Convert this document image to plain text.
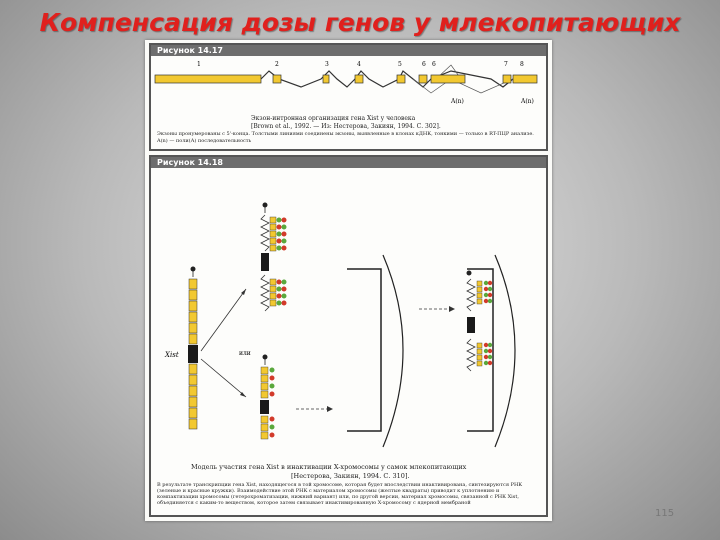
Компенсация дозы генов у млекопитающих
Рисунок 14.17
1	2	3	4	5	6 6	7 8
A(n)	A(n)
Экзон-интронная организация гена Xist у человека
[Brown et al., 1992. — Из: Нестерова, Закиян, 1994. С. 302].
Экзоны пронумерованы с 5'-конца. Толстыми линиями соединены экзоны, выявленные в клонах кДНК, тонкими — только в RT-ПЦР анализе. A(n) — поли(A) последовательность
Рисунок 14.18
Xist	или
Модель участия гена Xist в инактивации X-хромосомы у самок млекопитающих
[Нестерова, Закиян, 1994. С. 310].
В результате транскрипции гена Xist, находящегося в той хромосоме, которая будет впоследствии инактивирована, синтезируются РНК (зеленые и красные кружки). Взаимодействие этой РНК с материалом хромосомы (желтые квадраты) приводит к уплотнению и компактизации хромосомы (гетерохроматизации, нижний вариант) или, по другой версии, материал хромосомы, связанной с РНК Xist, объединяется с каким-то веществом, которое затем связывает инактивированную X-хромосому с ядерной мембраной
115
